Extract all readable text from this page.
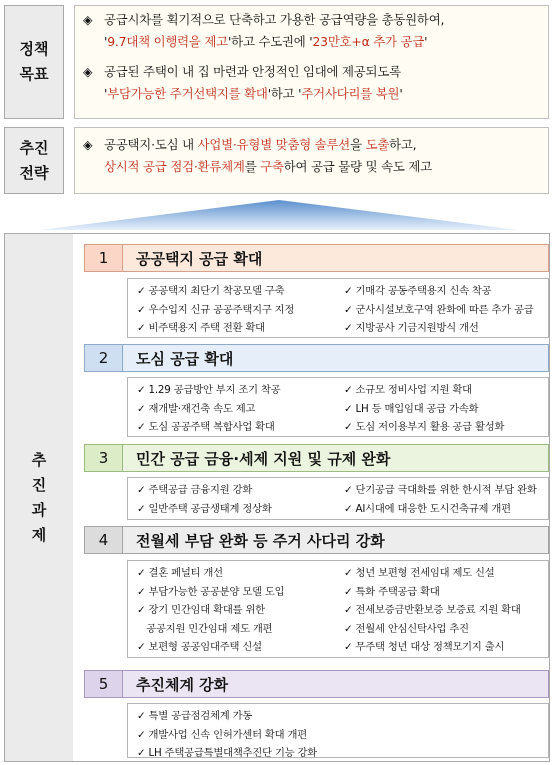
정책
목표
◈ 공급시차를 획기적으로 단축하고 가용한 공급역량을 총동원하여,
'9.7대책 이행력을 제고'하고 수도권에 '23만호+α 추가 공급'
◈ 공급된 주택이 내 집 마련과 안정적인 임대에 제공되도록
'부담가능한 주거선택지를 확대'하고 '주거사다리를 복원'
추진
전략
◈ 공공택지·도심 내 사업별·유형별 맞춤형 솔루션을 도출하고,
상시적 공급 점검·환류체계를 구축하여 공급 물량 및 속도 제고
추
진
과
제
1	공공택지 공급 확대
✓ 공공택지 최단기 착공모델 구축	✓ 기매각 공동주택용지 신속 착공
✓ 우수입지 신규 공공주택지구 지정	✓ 군사시설보호구역 완화에 따른 추가 공급
✓ 비주택용지 주택 전환 확대	✓ 지방공사 기금지원방식 개선
2	도심 공급 확대
✓ 1.29 공급방안 부지 조기 착공	✓ 소규모 정비사업 지원 확대
✓ 재개발·재건축 속도 제고	✓ LH 등 매입임대 공급 가속화
✓ 도심 공공주택 복합사업 확대	✓ 도심 저이용부지 활용 공급 활성화
3	민간 공급 금융·세제 지원 및 규제 완화
✓ 주택공급 금융지원 강화	✓ 단기공급 극대화를 위한 한시적 부담 완화
✓ 일반주택 공급생태계 정상화	✓ AI시대에 대응한 도시건축규제 개편
4	전월세 부담 완화 등 주거 사다리 강화
✓ 결혼 페널티 개선	✓ 청년 보편형 전세임대 제도 신설
✓ 부담가능한 공공분양 모델 도입	✓ 특화 주택공급 확대
✓ 장기 민간임대 확대를 위한	✓ 전세보증금반환보증 보증료 지원 확대
공공지원 민간임대 제도 개편	✓ 전월세 안심신탁사업 추진
✓ 보편형 공공임대주택 신설	✓ 무주택 청년 대상 정책모기지 출시
5	추진체계 강화
✓ 특별 공급점검체계 가동
✓ 개발사업 신속 인허가센터 확대 개편
✓ LH 주택공급특별대책추진단 기능 강화
